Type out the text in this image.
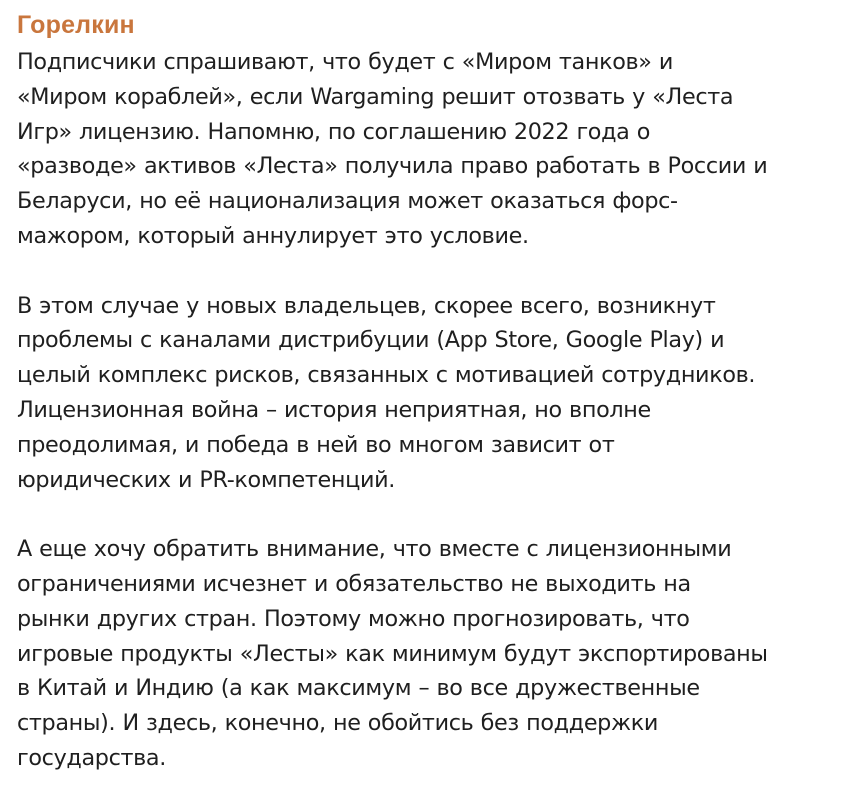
Горелкин

Подписчики спрашивают, что будет с «Миром танков» и
«Миром кораблей», если Wargaming решит отозвать у «Леста
Игр» лицензию. Напомню, по соглашению 2022 года о
«разводе» активов «Леста» получила право работать в России и
Беларуси, но её национализация может оказаться форс-
мажором, который аннулирует это условие.

В этом случае у новых владельцев, скорее всего, возникнут
проблемы с каналами дистрибуции (App Store, Google Play) и
целый комплекс рисков, связанных с мотивацией сотрудников.
Лицензионная война – история неприятная, но вполне
преодолимая, и победа в ней во многом зависит от
юридических и PR-компетенций.

А еще хочу обратить внимание, что вместе с лицензионными
ограничениями исчезнет и обязательство не выходить на
рынки других стран. Поэтому можно прогнозировать, что
игровые продукты «Лесты» как минимум будут экспортированы
в Китай и Индию (а как максимум – во все дружественные
страны). И здесь, конечно, не обойтись без поддержки
государства.
